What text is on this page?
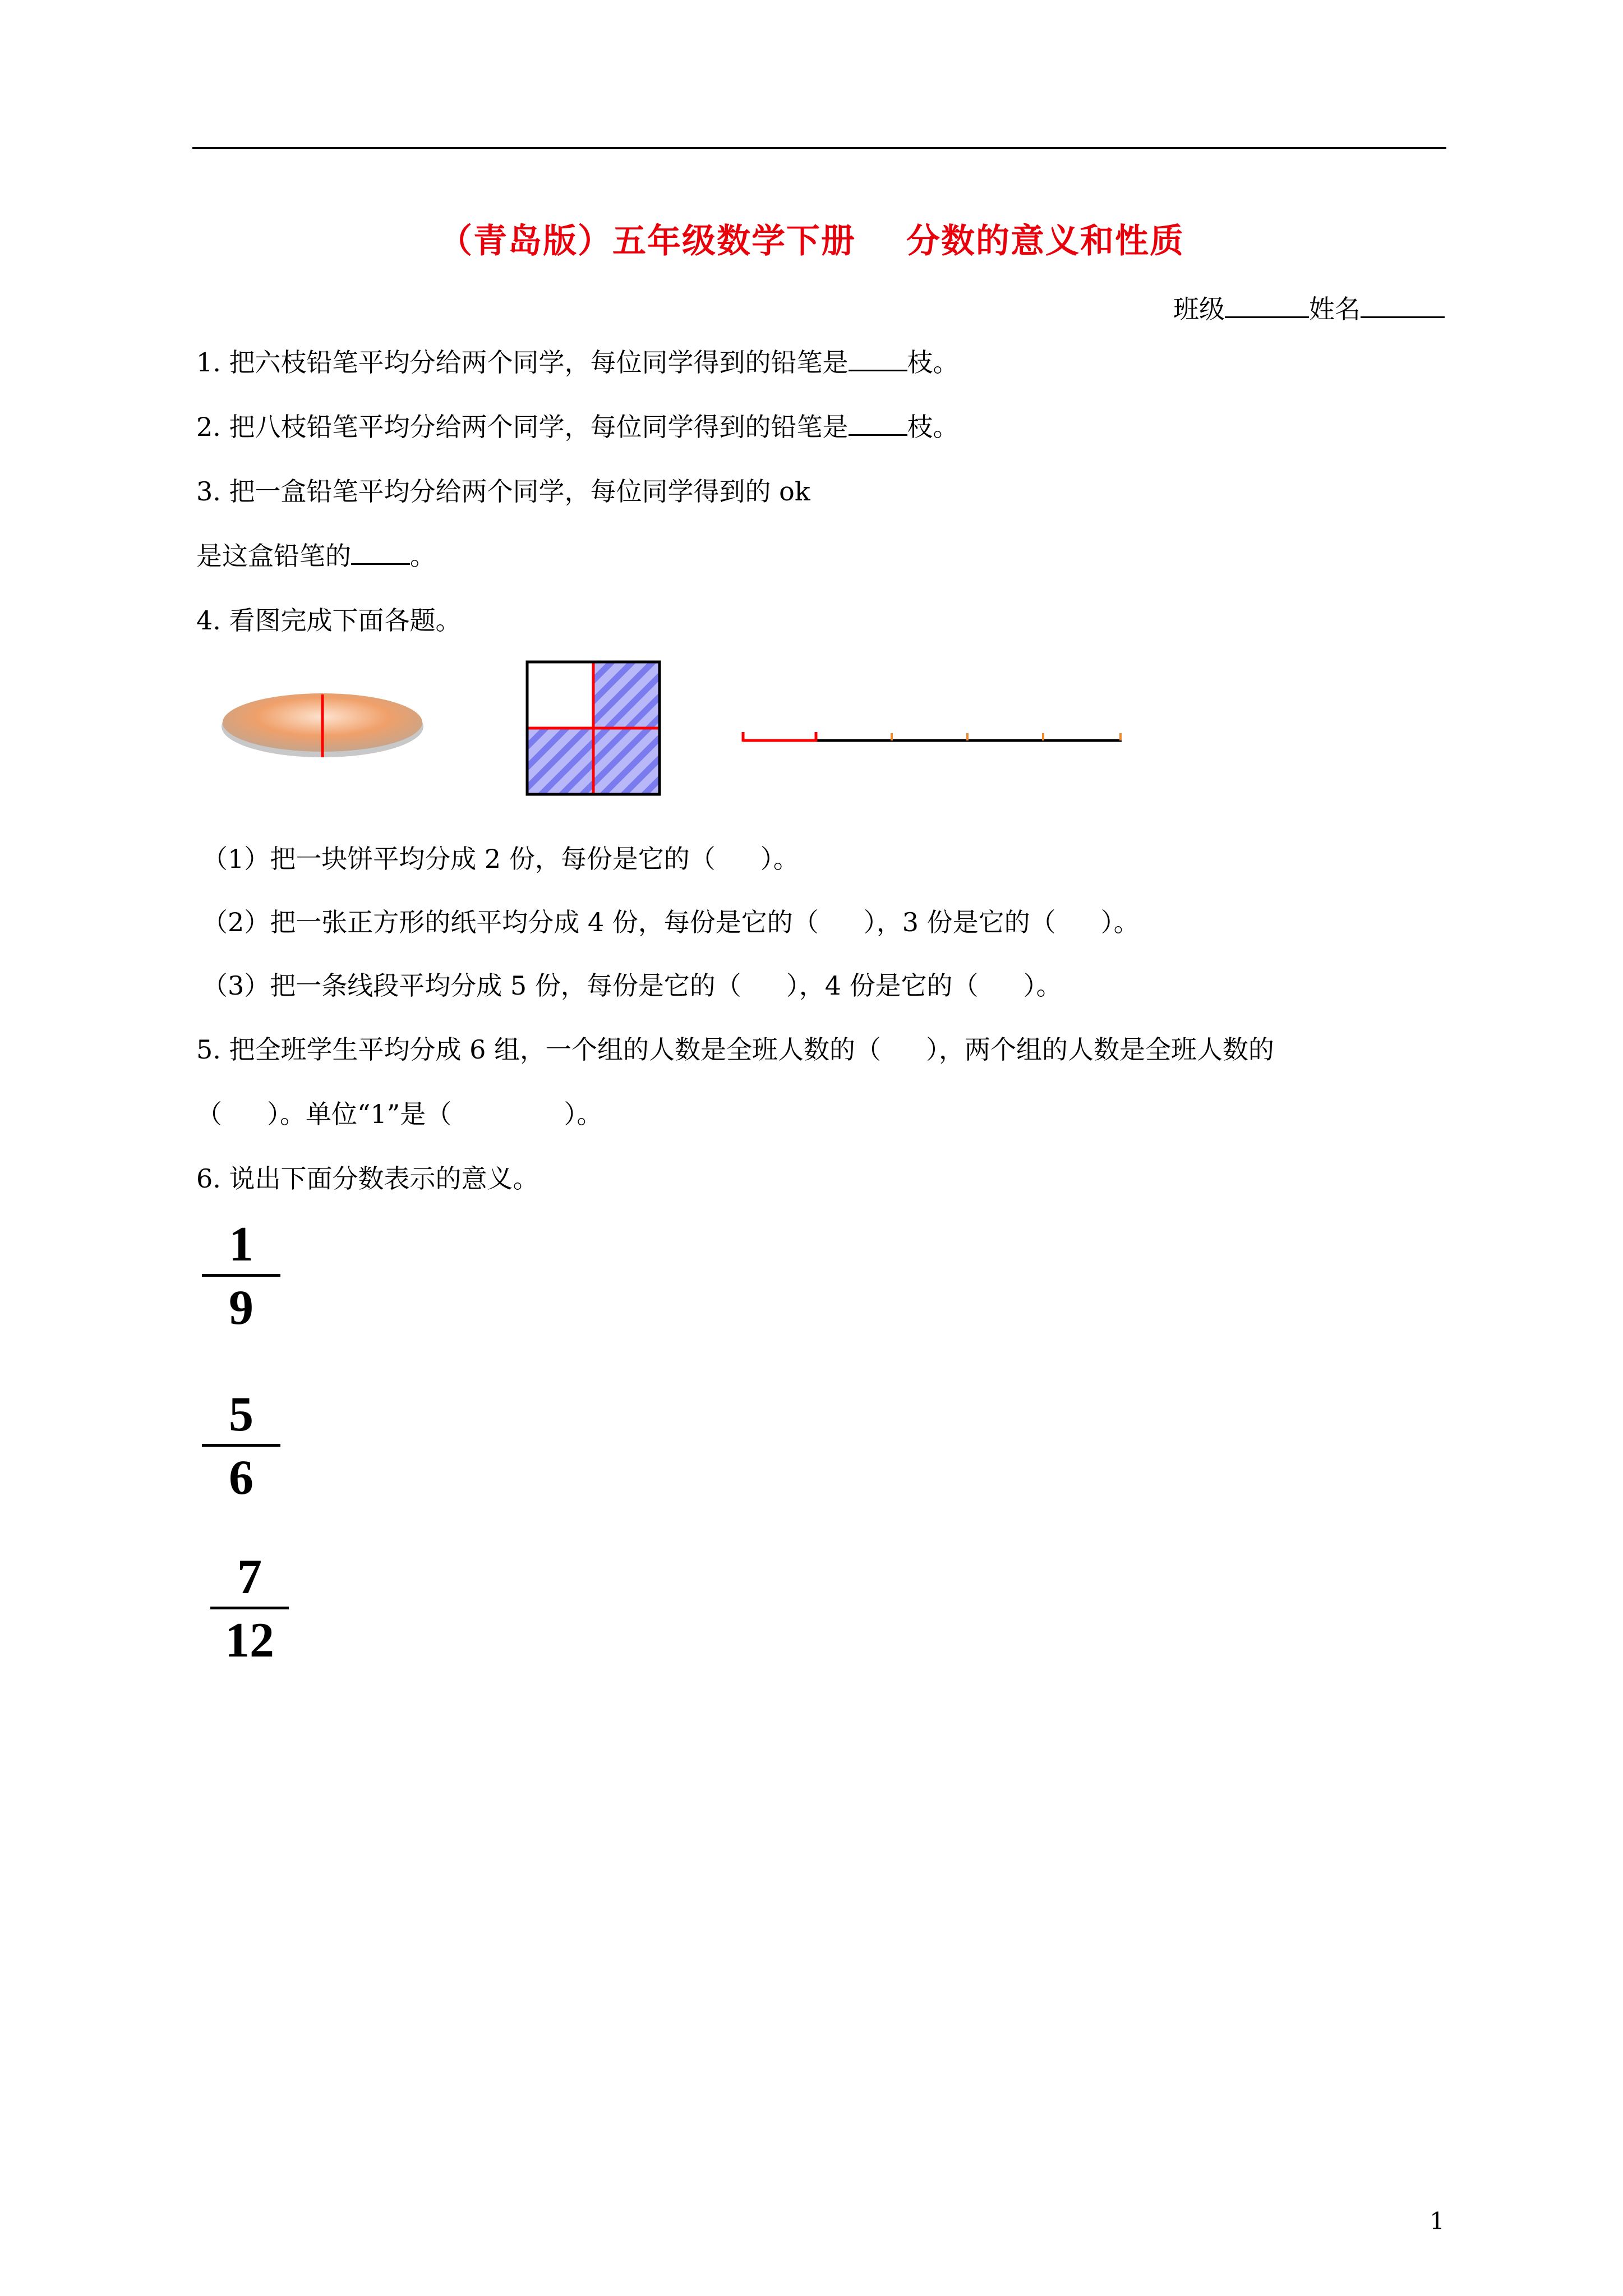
（青岛版）五年级数学下册 分数的意义和性质
班级	姓名
1. 把六枝铅笔平均分给两个同学，每位同学得到的铅笔是 枝。
2. 把八枝铅笔平均分给两个同学，每位同学得到的铅笔是 枝。
3. 把一盒铅笔平均分给两个同学，每位同学得到的 ok
是这盒铅笔的 。
4. 看图完成下面各题。
（1）把一块饼平均分成 2 份，每份是它的（ ）。
（2）把一张正方形的纸平均分成 4 份，每份是它的（ ），3 份是它的（ ）。
（3）把一条线段平均分成 5 份，每份是它的（ ），4 份是它的（ ）。
5. 把全班学生平均分成 6 组，一个组的人数是全班人数的（ ），两个组的人数是全班人数的
（ ）。单位“1”是（	）。
6. 说出下面分数表示的意义。
1
9
5
6
7
12
1
